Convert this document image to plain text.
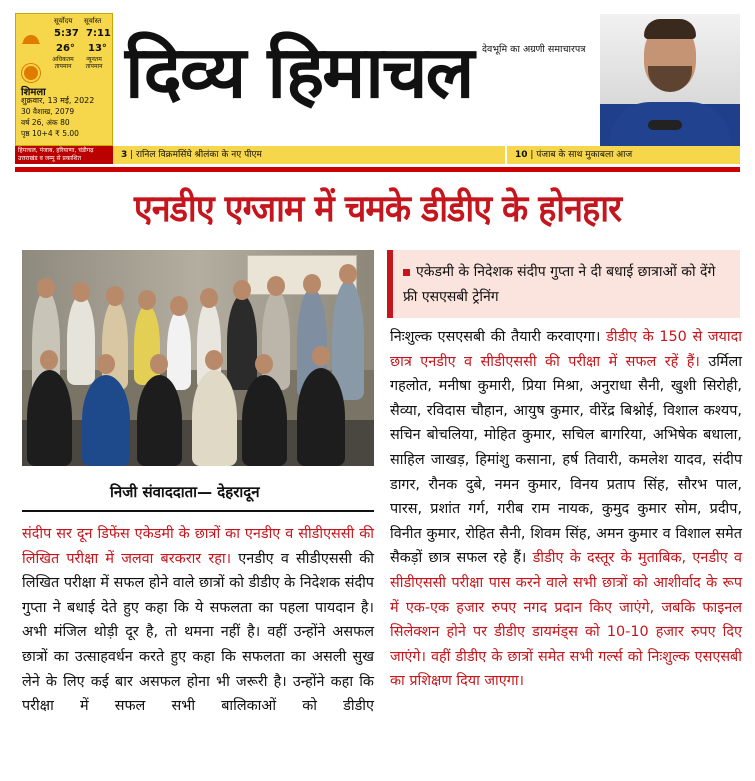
सूर्योदय सूर्यास्त
5:37 7:11
26° 13°
अधिकतम तापमान
न्यूनतम तापमान
शिमला
शुक्रवार, 13 मई, 2022
30 वैशाख, 2079
वर्ष 26, अंक 80
पृष्ठ 10+4 ₹ 5.00
दिव्य हिमाचल देवभूमि का अग्रणी समाचारपत्र
हिमाचल, पंजाब, हरियाणा, चंडीगढ़ उत्तराखंड व जम्मू से प्रकाशित	3 | रानिल विक्रमसिंघे श्रीलंका के नए पीएम	10 | पंजाब के साथ मुकाबला आज
एनडीए एग्जाम में चमके डीडीए के होनहार
निजी संवाददाता— देहरादून

संदीप सर दून डिफेंस एकेडमी के छात्रों का एनडीए व सीडीएससी की लिखित परीक्षा में जलवा बरकरार रहा। एनडीए व सीडीएससी की लिखित परीक्षा में सफल होने वाले छात्रों को डीडीए के निदेशक संदीप गुप्ता ने बधाई देते हुए कहा कि ये सफलता का पहला पायदान है। अभी मंजिल थोड़ी दूर है, तो थमना नहीं है। वहीं उन्होंने असफल छात्रों का उत्साहवर्धन करते हुए कहा कि सफलता का असली सुख लेने के लिए कई बार असफल होना भी जरूरी है। उन्होंने कहा कि परीक्षा में सफल सभी बालिकाओं को डीडीए

एकेडमी के निदेशक संदीप गुप्ता ने दी बधाई छात्राओं को देंगे फ्री एसएसबी ट्रेनिंग

निःशुल्क एसएसबी की तैयारी करवाएगा। डीडीए के 150 से जयादा छात्र एनडीए व सीडीएससी की परीक्षा में सफल रहें हैं। उर्मिला गहलोत, मनीषा कुमारी, प्रिया मिश्रा, अनुराधा सैनी, खुशी सिरोही, सैव्या, रविदास चौहान, आयुष कुमार, वीरेंद्र बिश्नोई, विशाल कश्यप, सचिन बोचलिया, मोहित कुमार, सचिल बागरिया, अभिषेक बधाला, साहिल जाखड़, हिमांशु कसाना, हर्ष तिवारी, कमलेश यादव, संदीप डागर, रौनक दुबे, नमन कुमार, विनय प्रताप सिंह, सौरभ पाल, पारस, प्रशांत गर्ग, गरीब राम नायक, कुमुद कुमार सोम, प्रदीप, विनीत कुमार, रोहित सैनी, शिवम सिंह, अमन कुमार व विशाल समेत सैकड़ों छात्र सफल रहे हैं। डीडीए के दस्तूर के मुताबिक, एनडीए व सीडीएससी परीक्षा पास करने वाले सभी छात्रों को आशीर्वाद के रूप में एक-एक हजार रुपए नगद प्रदान किए जाएंगे, जबकि फाइनल सिलेक्शन होने पर डीडीए डायमंड्स को 10-10 हजार रुपए दिए जाएंगे। वहीं डीडीए के छात्रों समेत सभी गर्ल्स को निःशुल्क एसएसबी का प्रशिक्षण दिया जाएगा।
